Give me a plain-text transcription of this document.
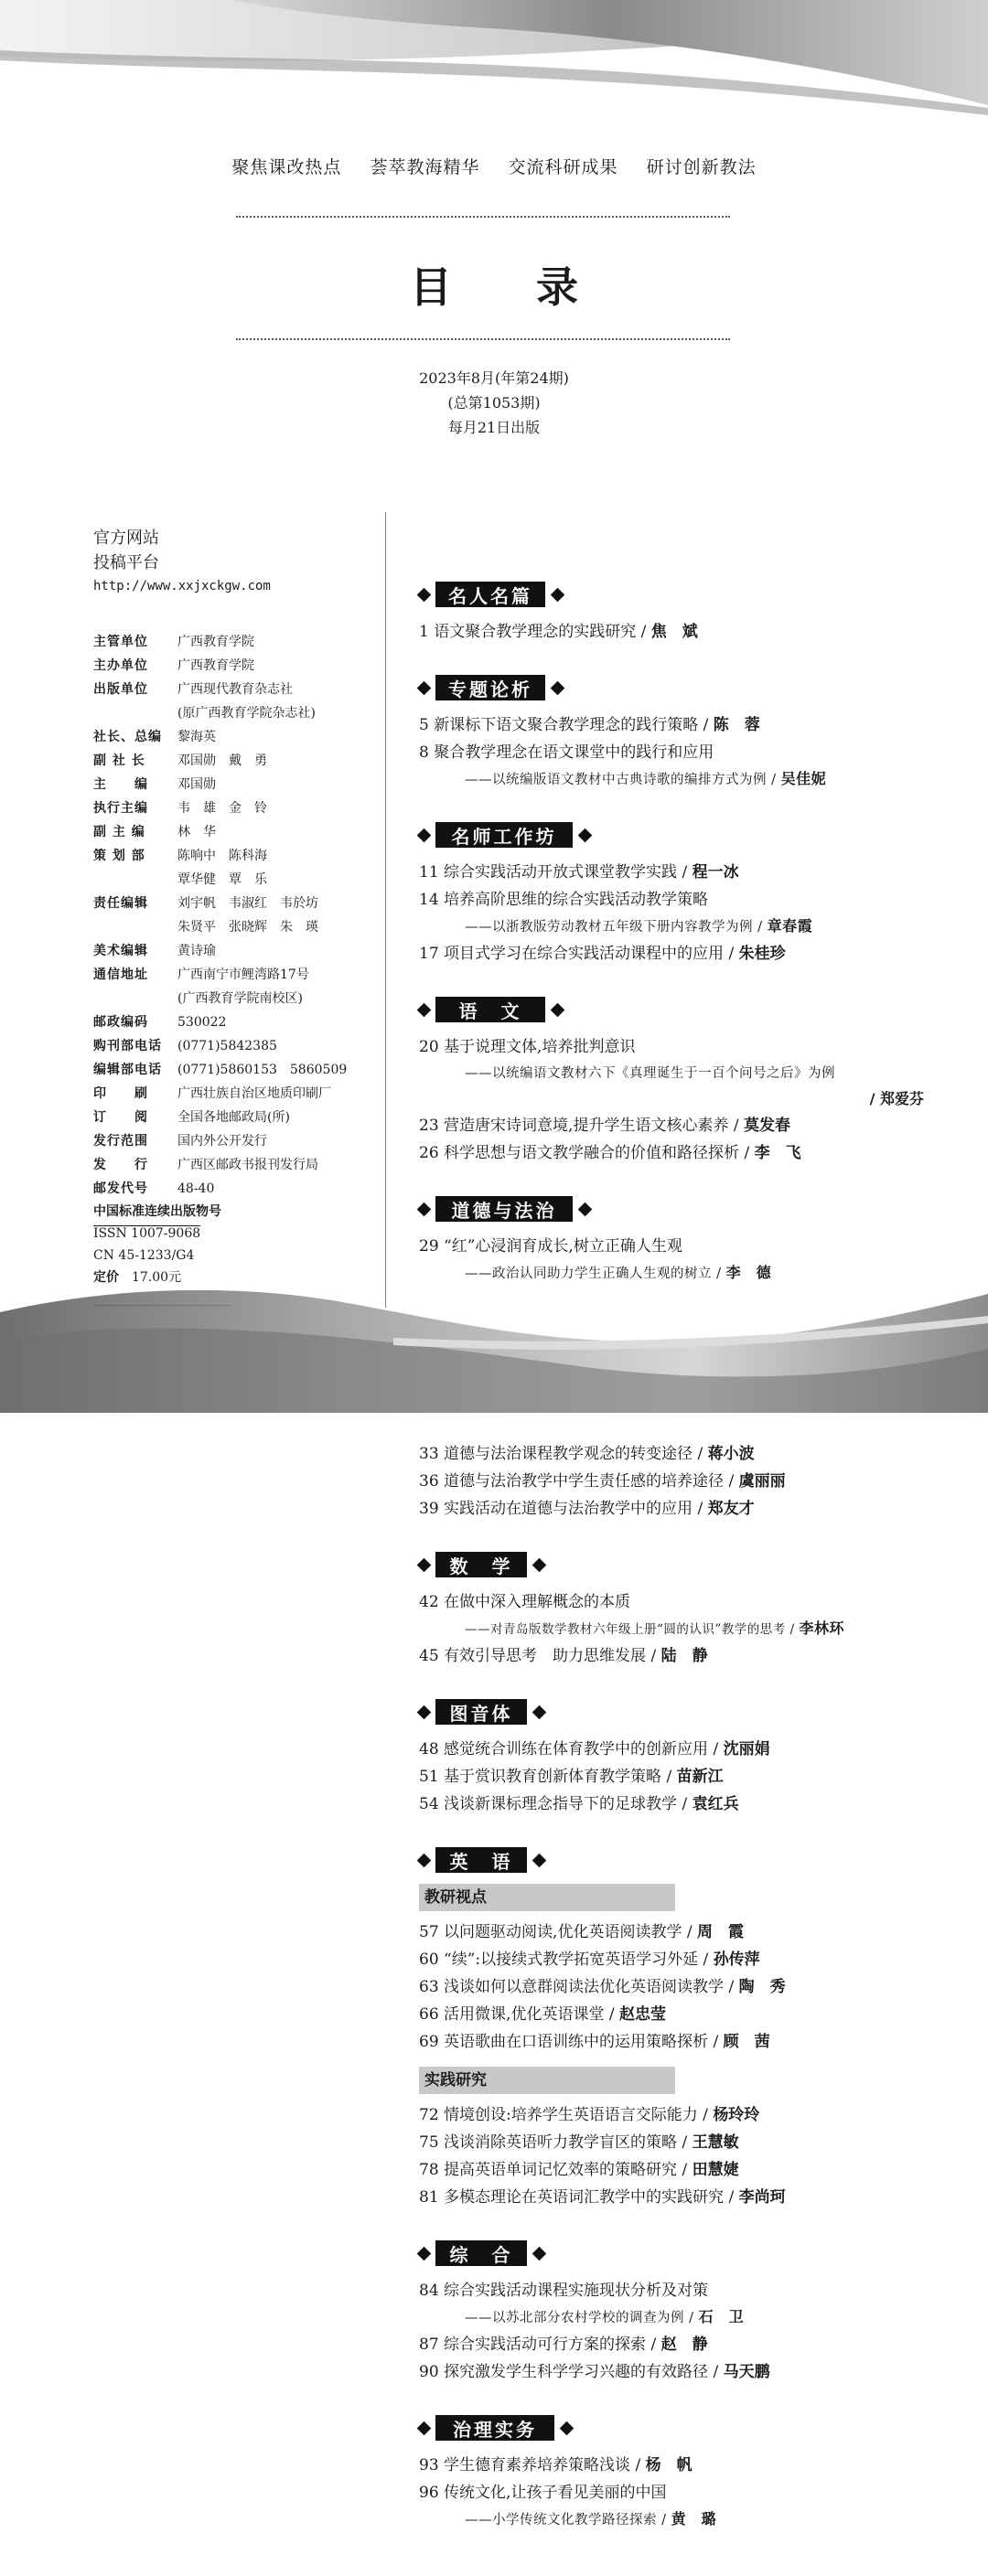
聚焦课改热点 荟萃教海精华 交流科研成果 研讨创新教法
目 录
2023年8月(年第24期)
(总第1053期)
每月21日出版
官方网站
投稿平台
http://www.xxjxckgw.com
主管单位	广西教育学院
主办单位	广西教育学院
出版单位	广西现代教育杂志社
(原广西教育学院杂志社)
社长、总编	黎海英
副 社 长	邓国勋　戴　勇
主　　编	邓国勋
执行主编	韦　雄　金　铃
副 主 编	林　华
策 划 部	陈响中　陈科海
覃华健　覃　乐
责任编辑	刘宇帆　韦淑红　韦於坊
朱贤平　张晓辉　朱　瑛
美术编辑	黄诗瑜
通信地址	广西南宁市鲤湾路17号
(广西教育学院南校区)
邮政编码	530022
购刊部电话	(0771)5842385
编辑部电话	(0771)5860153　5860509
印　　刷	广西壮族自治区地质印刷厂
订　　阅	全国各地邮政局(所)
发行范围	国内外公开发行
发　　行	广西区邮政书报刊发行局
邮发代号	48-40
中国标准连续出版物号
ISSN 1007-9068
CN 45-1233/G4
定价　 17.00元
名人名篇
1 语文聚合教学理念的实践研究 / 焦　斌
专题论析
5 新课标下语文聚合教学理念的践行策略 / 陈　蓉
8 聚合教学理念在语文课堂中的践行和应用
——以统编版语文教材中古典诗歌的编排方式为例 / 吴佳妮
名师工作坊
11 综合实践活动开放式课堂教学实践 / 程一冰
14 培养高阶思维的综合实践活动教学策略
——以浙教版劳动教材五年级下册内容教学为例 / 章春霞
17 项目式学习在综合实践活动课程中的应用 / 朱桂珍
语　文
20 基于说理文体,培养批判意识
——以统编语文教材六下《真理诞生于一百个问号之后》为例
/ 郑爱芬
23 营造唐宋诗词意境,提升学生语文核心素养 / 莫发春
26 科学思想与语文教学融合的价值和路径探析 / 李　飞
道德与法治
29 “红”心浸润育成长,树立正确人生观
——政治认同助力学生正确人生观的树立 / 李　德
33 道德与法治课程教学观念的转变途径 / 蒋小波
36 道德与法治教学中学生责任感的培养途径 / 虞丽丽
39 实践活动在道德与法治教学中的应用 / 郑友才
数　学
42 在做中深入理解概念的本质
——对青岛版数学教材六年级上册“圆的认识”教学的思考 / 李林环
45 有效引导思考　助力思维发展 / 陆　静
图音体
48 感觉统合训练在体育教学中的创新应用 / 沈丽娟
51 基于赏识教育创新体育教学策略 / 苗新江
54 浅谈新课标理念指导下的足球教学 / 袁红兵
英　语
教研视点
57 以问题驱动阅读,优化英语阅读教学 / 周　霞
60 “续”:以接续式教学拓宽英语学习外延 / 孙传萍
63 浅谈如何以意群阅读法优化英语阅读教学 / 陶　秀
66 活用微课,优化英语课堂 / 赵忠莹
69 英语歌曲在口语训练中的运用策略探析 / 顾　茜
实践研究
72 情境创设:培养学生英语语言交际能力 / 杨玲玲
75 浅谈消除英语听力教学盲区的策略 / 王慧敏
78 提高英语单词记忆效率的策略研究 / 田慧婕
81 多模态理论在英语词汇教学中的实践研究 / 李尚珂
综　合
84 综合实践活动课程实施现状分析及对策
——以苏北部分农村学校的调查为例 / 石　卫
87 综合实践活动可行方案的探索 / 赵　静
90 探究激发学生科学学习兴趣的有效路径 / 马天鹏
治理实务
93 学生德育素养培养策略浅谈 / 杨　帆
96 传统文化,让孩子看见美丽的中国
——小学传统文化教学路径探索 / 黄　璐
